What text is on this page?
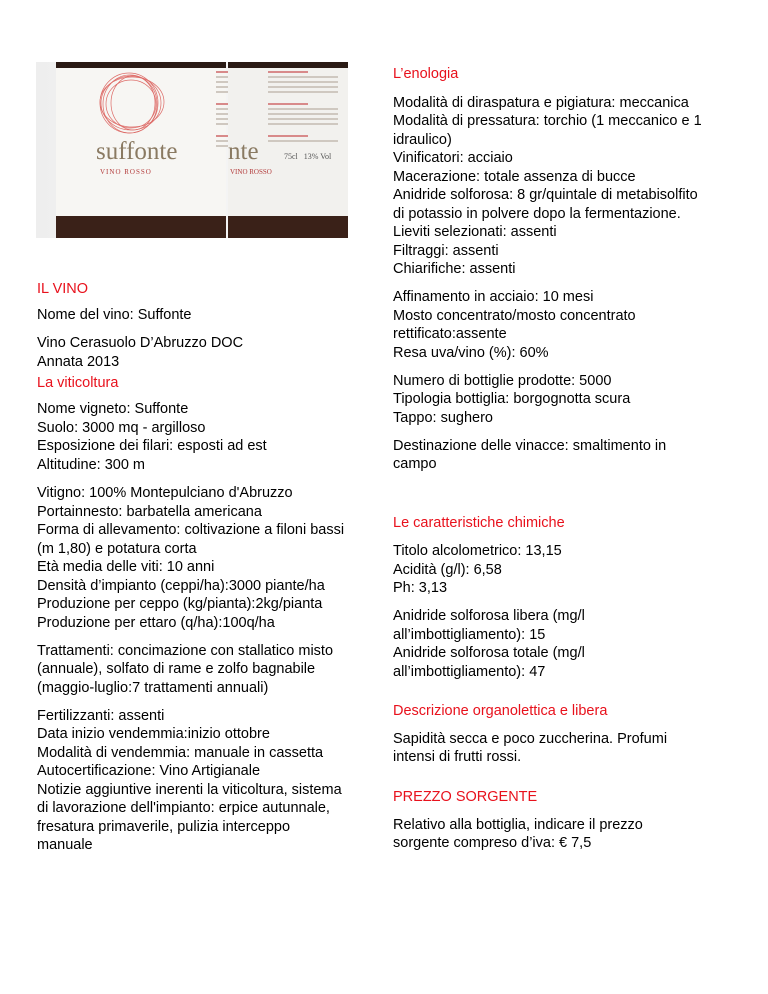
suffonte
VINO ROSSO
nte
VINO ROSSO
75cl 13% Vol
IL VINO
Nome del vino: Suffonte
Vino Cerasuolo D’Abruzzo DOC
Annata 2013
La viticoltura
Nome vigneto: Suffonte
Suolo: 3000 mq - argilloso
Esposizione dei filari: esposti ad est
Altitudine: 300 m
Vitigno: 100% Montepulciano d'Abruzzo
Portainnesto: barbatella americana
Forma di allevamento: coltivazione a filoni bassi
(m 1,80) e potatura corta
Età media delle viti: 10 anni
Densità d’impianto (ceppi/ha):3000 piante/ha
Produzione per ceppo (kg/pianta):2kg/pianta
Produzione per ettaro (q/ha):100q/ha
Trattamenti: concimazione con stallatico misto
(annuale), solfato di rame e zolfo bagnabile
(maggio-luglio:7 trattamenti annuali)
Fertilizzanti: assenti
Data inizio vendemmia:inizio ottobre
Modalità di vendemmia: manuale in cassetta
Autocertificazione: Vino Artigianale
Notizie aggiuntive inerenti la viticoltura, sistema
di lavorazione dell'impianto: erpice autunnale,
fresatura primaverile, pulizia interceppo
manuale
L’enologia
Modalità di diraspatura e pigiatura: meccanica
Modalità di pressatura: torchio (1 meccanico e 1
idraulico)
Vinificatori: acciaio
Macerazione: totale assenza di bucce
Anidride solforosa: 8 gr/quintale di metabisolfito
di potassio in polvere dopo la fermentazione.
Lieviti selezionati: assenti
Filtraggi: assenti
Chiarifiche: assenti
Affinamento in acciaio: 10 mesi
Mosto concentrato/mosto concentrato
rettificato:assente
Resa uva/vino (%): 60%
Numero di bottiglie prodotte: 5000
Tipologia bottiglia: borgognotta scura
Tappo: sughero
Destinazione delle vinacce: smaltimento in
campo
Le caratteristiche chimiche
Titolo alcolometrico: 13,15
Acidità (g/l): 6,58
Ph: 3,13
Anidride solforosa libera (mg/l
all’imbottigliamento): 15
Anidride solforosa totale (mg/l
all’imbottigliamento): 47
Descrizione organolettica e libera
Sapidità secca e poco zuccherina. Profumi
intensi di frutti rossi.
PREZZO SORGENTE
Relativo alla bottiglia, indicare il prezzo
sorgente compreso d’iva: € 7,5
